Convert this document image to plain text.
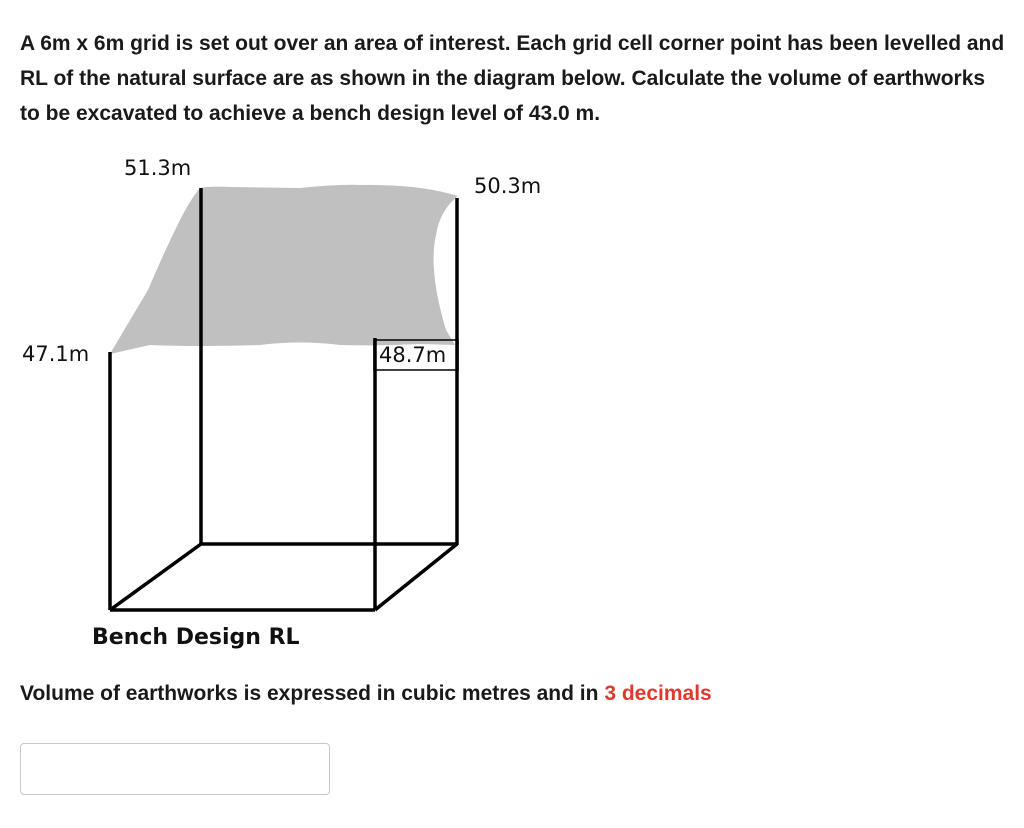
A 6m x 6m grid is set out over an area of interest. Each grid cell corner point has been levelled and RL of the natural surface are as shown in the diagram below. Calculate the volume of earthworks to be excavated to achieve a bench design level of 43.0 m.

51.3m
50.3m
47.1m	48.7m
Bench Design RL

Volume of earthworks is expressed in cubic metres and in 3 decimals
